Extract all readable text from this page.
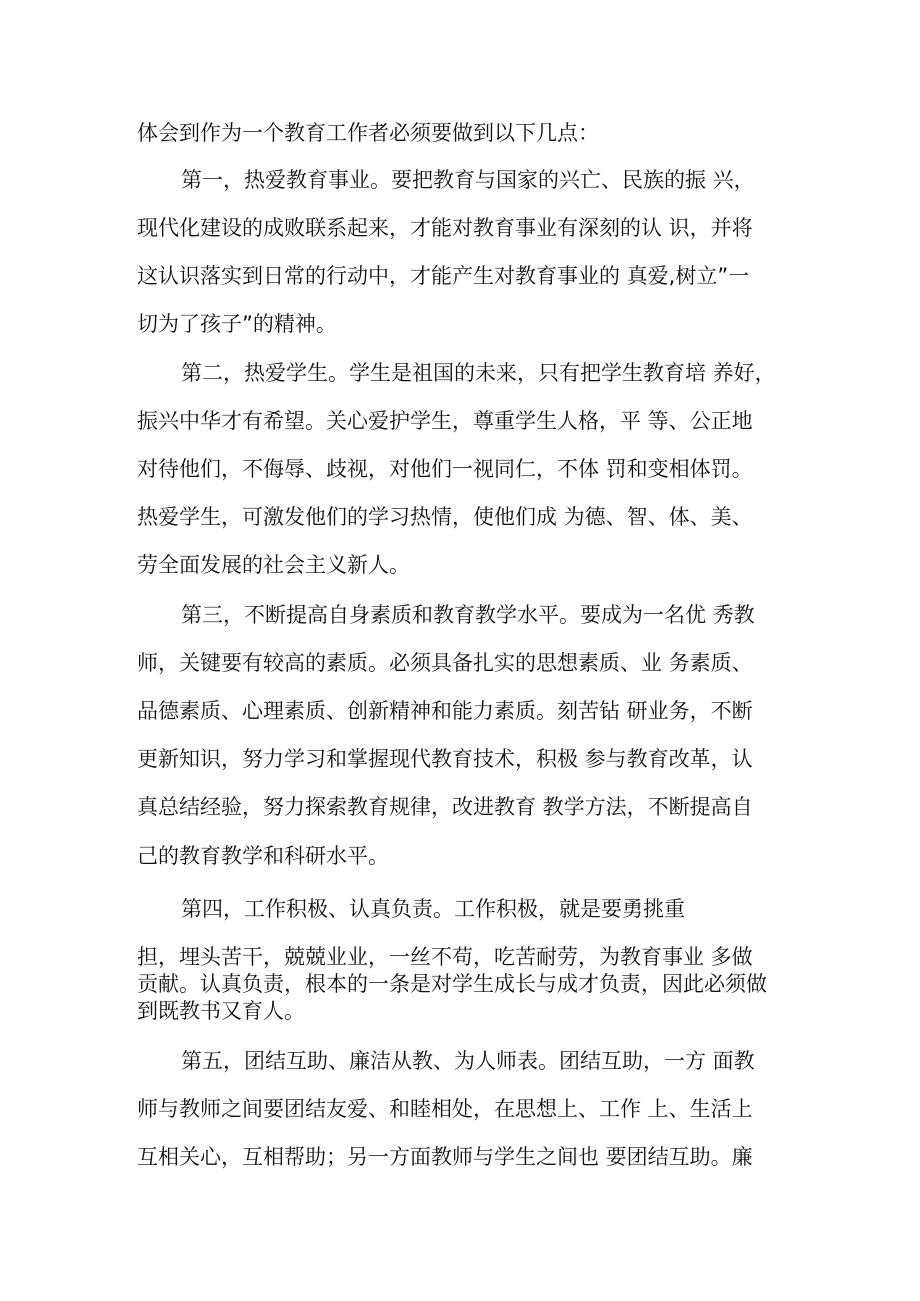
体会到作为一个教育工作者必须要做到以下几点：
第一，热爱教育事业。要把教育与国家的兴亡、民族的振 兴，
现代化建设的成败联系起来，才能对教育事业有深刻的认 识，并将
这认识落实到日常的行动中，才能产生对教育事业的 真爱,树立”一
切为了孩子”的精神。
第二，热爱学生。学生是祖国的未来，只有把学生教育培 养好，
振兴中华才有希望。关心爱护学生，尊重学生人格，平 等、公正地
对待他们，不侮辱、歧视，对他们一视同仁，不体 罚和变相体罚。
热爱学生，可激发他们的学习热情，使他们成 为德、智、体、美、
劳全面发展的社会主义新人。
第三，不断提高自身素质和教育教学水平。要成为一名优 秀教
师，关键要有较高的素质。必须具备扎实的思想素质、业 务素质、
品德素质、心理素质、创新精神和能力素质。刻苦钻 研业务，不断
更新知识，努力学习和掌握现代教育技术，积极 参与教育改革，认
真总结经验，努力探索教育规律，改进教育 教学方法，不断提高自
己的教育教学和科研水平。
第四，工作积极、认真负责。工作积极，就是要勇挑重
担，埋头苦干，兢兢业业，一丝不苟，吃苦耐劳，为教育事业 多做
贡献。认真负责，根本的一条是对学生成长与成才负责，因此必须做
到既教书又育人。
第五，团结互助、廉洁从教、为人师表。团结互助，一方 面教
师与教师之间要团结友爱、和睦相处，在思想上、工作 上、生活上
互相关心，互相帮助；另一方面教师与学生之间也 要团结互助。廉
